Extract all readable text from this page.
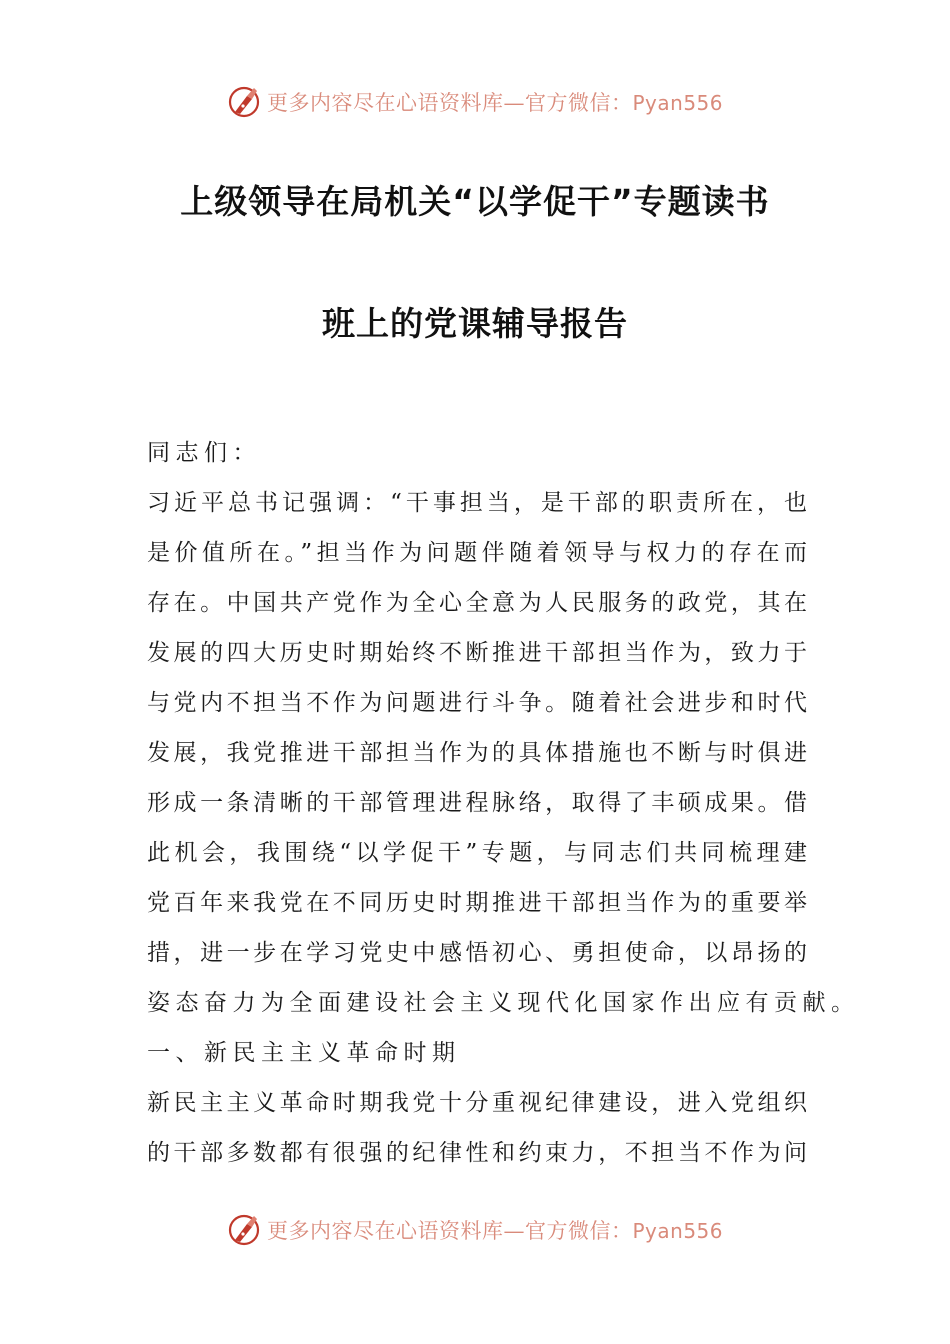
更多内容尽在心语资料库—官方微信：Pyan556
上级领导在局机关“以学促干”专题读书
班上的党课辅导报告
同志们：
习近平总书记强调：“干事担当，是干部的职责所在，也
是价值所在。”担当作为问题伴随着领导与权力的存在而
存在。中国共产党作为全心全意为人民服务的政党，其在
发展的四大历史时期始终不断推进干部担当作为，致力于
与党内不担当不作为问题进行斗争。随着社会进步和时代
发展，我党推进干部担当作为的具体措施也不断与时俱进
形成一条清晰的干部管理进程脉络，取得了丰硕成果。借
此机会，我围绕“以学促干”专题，与同志们共同梳理建
党百年来我党在不同历史时期推进干部担当作为的重要举
措，进一步在学习党史中感悟初心、勇担使命，以昂扬的
姿态奋力为全面建设社会主义现代化国家作出应有贡献。
一、新民主主义革命时期
新民主主义革命时期我党十分重视纪律建设，进入党组织
的干部多数都有很强的纪律性和约束力，不担当不作为问
更多内容尽在心语资料库—官方微信：Pyan556
